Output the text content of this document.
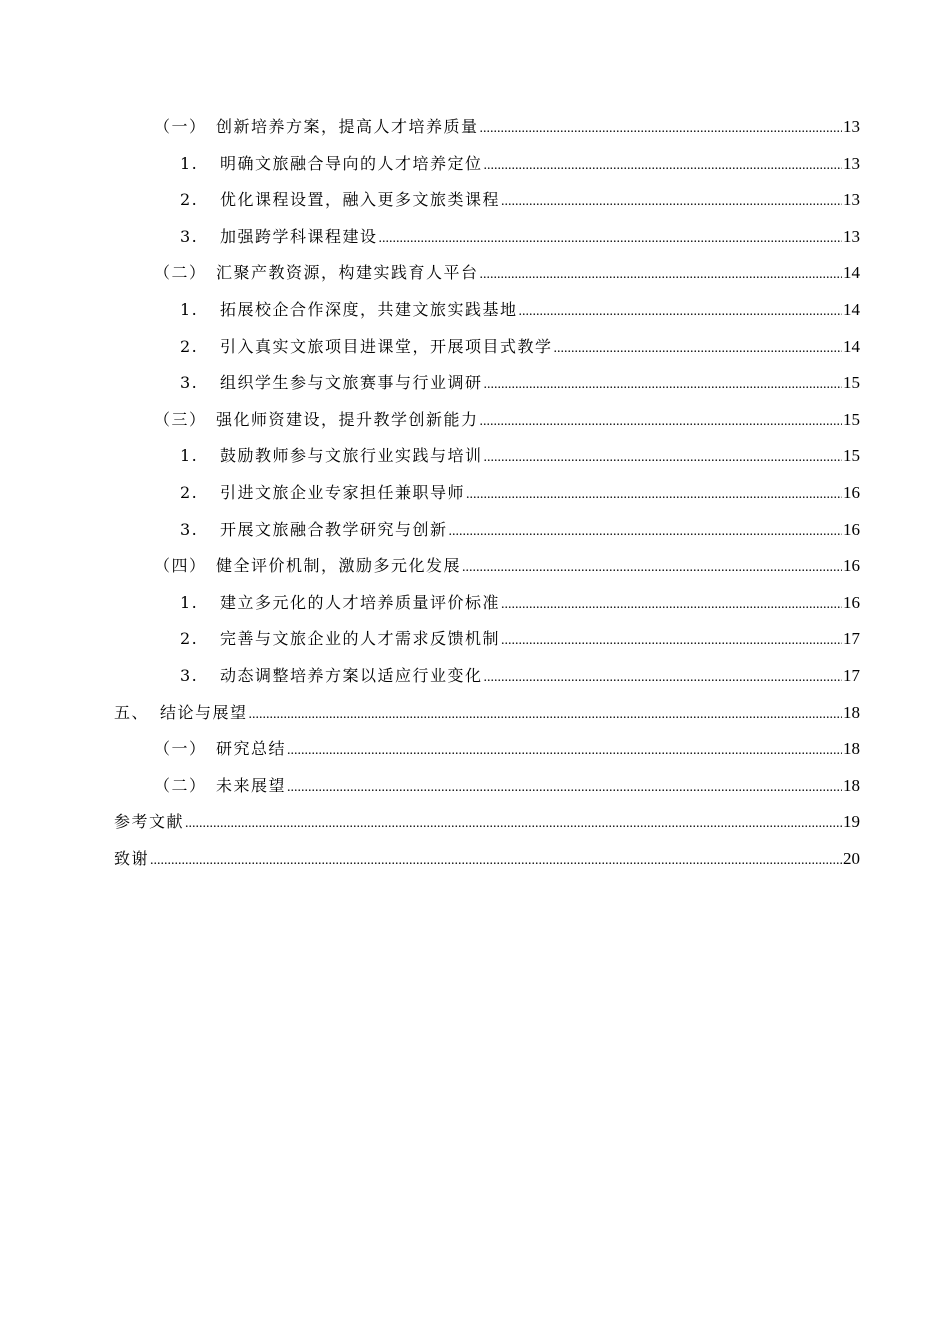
（一） 创新培养方案，提高人才培养质量 .....	13
1.	明确文旅融合导向的人才培养定位 .....	13
2.	优化课程设置，融入更多文旅类课程 .....	13
3.	加强跨学科课程建设 .....	13
（二） 汇聚产教资源，构建实践育人平台 .....	14
1.	拓展校企合作深度，共建文旅实践基地 .....	14
2.	引入真实文旅项目进课堂，开展项目式教学 .....	14
3.	组织学生参与文旅赛事与行业调研 .....	15
（三） 强化师资建设，提升教学创新能力 .....	15
1.	鼓励教师参与文旅行业实践与培训 .....	15
2.	引进文旅企业专家担任兼职导师 .....	16
3.	开展文旅融合教学研究与创新 .....	16
（四） 健全评价机制，激励多元化发展 .....	16
1.	建立多元化的人才培养质量评价标准 .....	16
2.	完善与文旅企业的人才需求反馈机制 .....	17
3.	动态调整培养方案以适应行业变化 .....	17
五、 结论与展望 .....	18
（一） 研究总结 .....	18
（二） 未来展望 .....	18
参考文献 .....	19
致谢 .....	20
